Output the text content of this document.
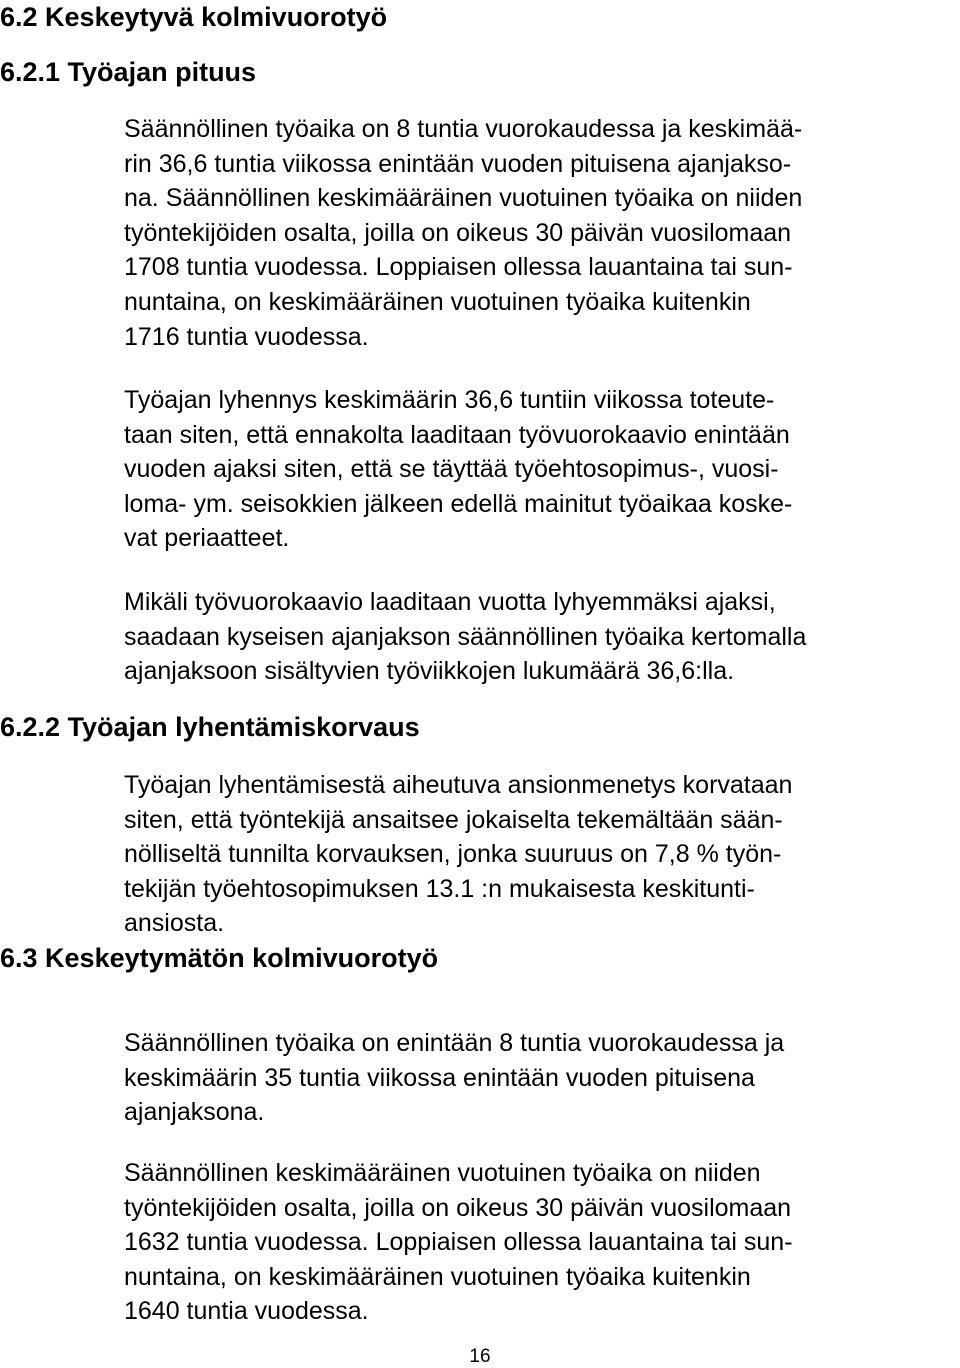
6.2 Keskeytyvä kolmivuorotyö
6.2.1 Työajan pituus
Säännöllinen työaika on 8 tuntia vuorokaudessa ja keskimää-
rin 36,6 tuntia viikossa enintään vuoden pituisena ajanjakso-
na. Säännöllinen keskimääräinen vuotuinen työaika on niiden
työntekijöiden osalta, joilla on oikeus 30 päivän vuosilomaan
1708 tuntia vuodessa. Loppiaisen ollessa lauantaina tai sun-
nuntaina, on keskimääräinen vuotuinen työaika kuitenkin
1716 tuntia vuodessa.
Työajan lyhennys keskimäärin 36,6 tuntiin viikossa toteute-
taan siten, että ennakolta laaditaan työvuorokaavio enintään
vuoden ajaksi siten, että se täyttää työehtosopimus-, vuosi-
loma- ym. seisokkien jälkeen edellä mainitut työaikaa koske-
vat periaatteet.
Mikäli työvuorokaavio laaditaan vuotta lyhyemmäksi ajaksi,
saadaan kyseisen ajanjakson säännöllinen työaika kertomalla
ajanjaksoon sisältyvien työviikkojen lukumäärä 36,6:lla.
6.2.2 Työajan lyhentämiskorvaus
Työajan lyhentämisestä aiheutuva ansionmenetys korvataan
siten, että työntekijä ansaitsee jokaiselta tekemältään sään-
nölliseltä tunnilta korvauksen, jonka suuruus on 7,8 % työn-
tekijän työehtosopimuksen 13.1 :n mukaisesta keskitunti-
ansiosta.
6.3 Keskeytymätön kolmivuorotyö
Säännöllinen työaika on enintään 8 tuntia vuorokaudessa ja
keskimäärin 35 tuntia viikossa enintään vuoden pituisena
ajanjaksona.
Säännöllinen keskimääräinen vuotuinen työaika on niiden
työntekijöiden osalta, joilla on oikeus 30 päivän vuosilomaan
1632 tuntia vuodessa. Loppiaisen ollessa lauantaina tai sun-
nuntaina, on keskimääräinen vuotuinen työaika kuitenkin
1640 tuntia vuodessa.
16
